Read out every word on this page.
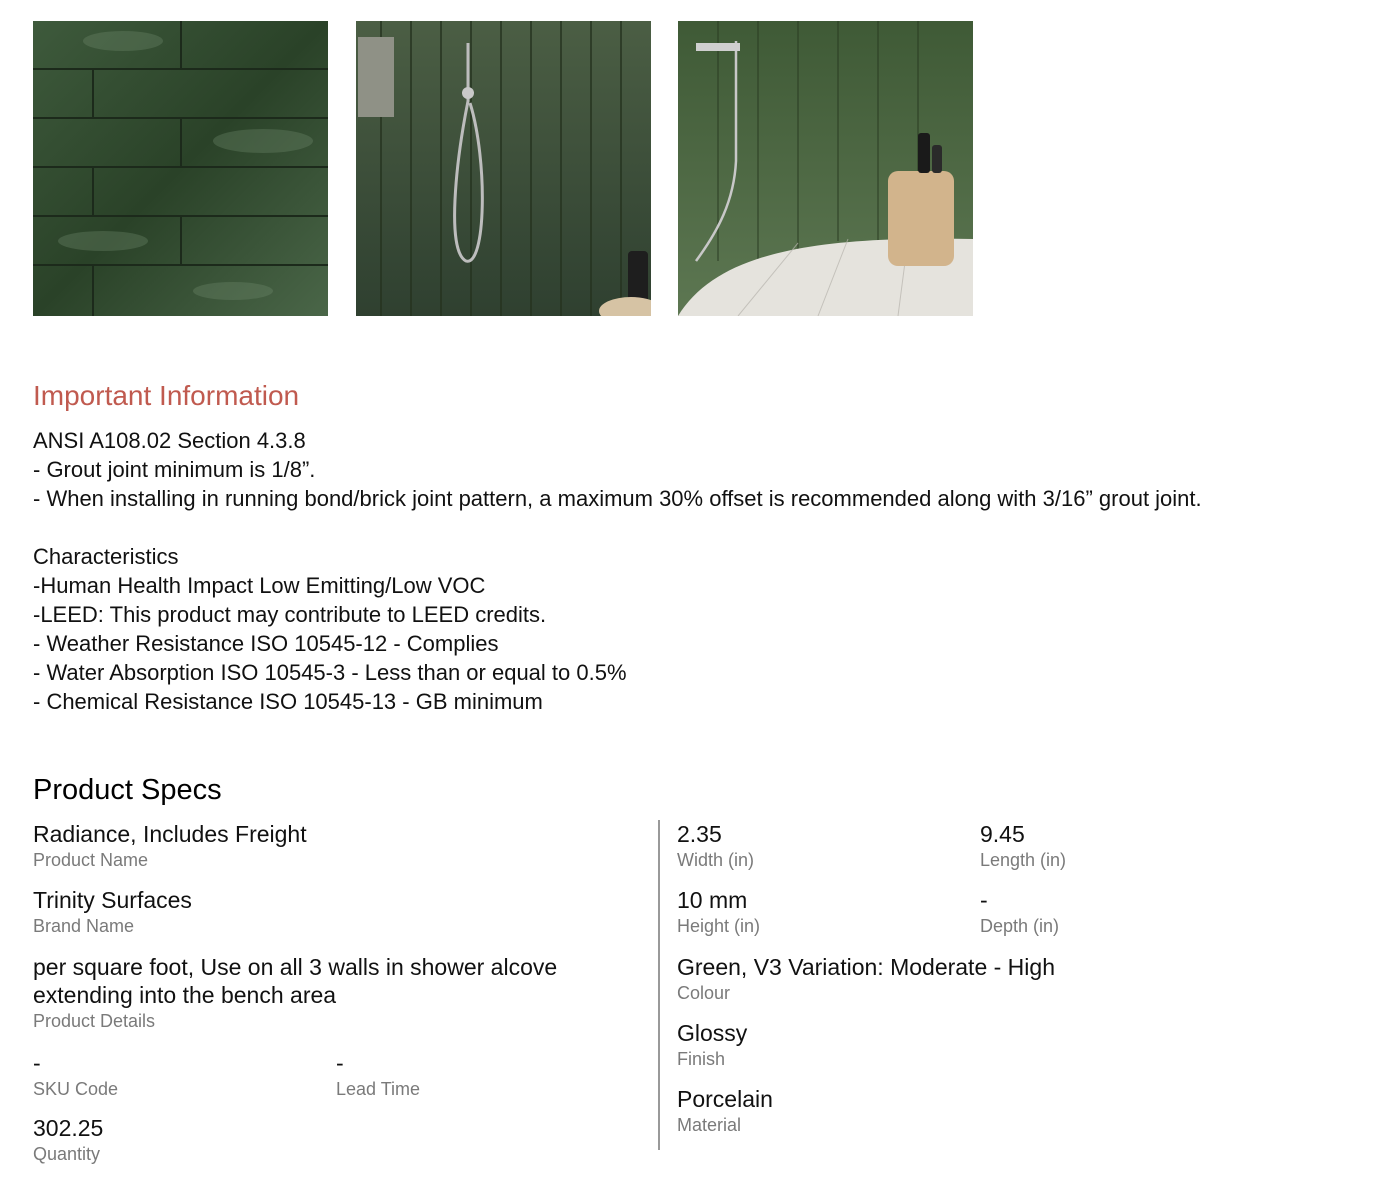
Important Information
ANSI A108.02 Section 4.3.8
- Grout joint minimum is 1/8”.
- When installing in running bond/brick joint pattern, a maximum 30% offset is recommended along with 3/16” grout joint.
Characteristics
-Human Health Impact Low Emitting/Low VOC
-LEED: This product may contribute to LEED credits.
- Weather Resistance ISO 10545-12 - Complies
- Water Absorption ISO 10545-3 - Less than or equal to 0.5%
- Chemical Resistance ISO 10545-13 - GB minimum
Product Specs
Radiance, Includes Freight
Product Name
Trinity Surfaces
Brand Name
per square foot, Use on all 3 walls in shower alcove
extending into the bench area
Product Details
-
SKU Code
-
Lead Time
302.25
Quantity
2.35
Width (in)
9.45
Length (in)
10 mm
Height (in)
-
Depth (in)
Green, V3 Variation: Moderate - High
Colour
Glossy
Finish
Porcelain
Material
